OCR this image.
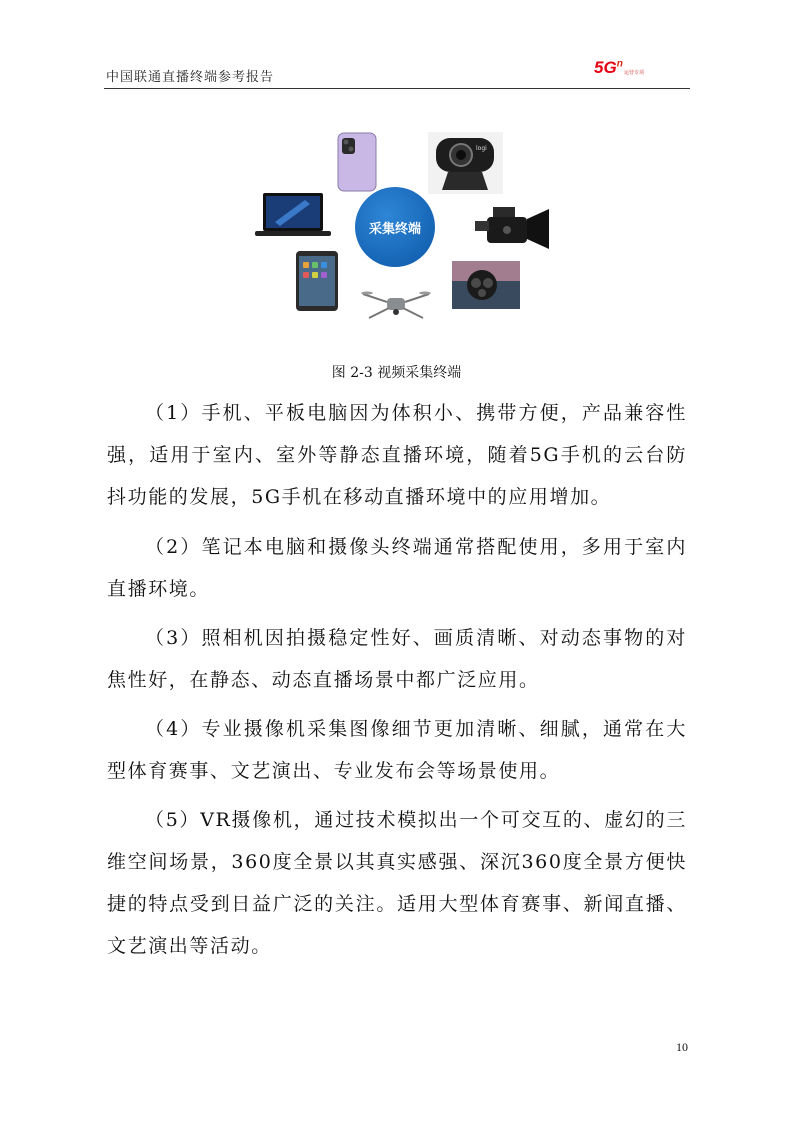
中国联通直播终端参考报告
$5G^n$
运营专项
logi
采集终端
图 2-3 视频采集终端
（1）手机、平板电脑因为体积小、携带方便，产品兼容性强，适用于室内、室外等静态直播环境，随着5G手机的云台防抖功能的发展，5G手机在移动直播环境中的应用增加。
（2）笔记本电脑和摄像头终端通常搭配使用，多用于室内直播环境。
（3）照相机因拍摄稳定性好、画质清晰、对动态事物的对焦性好，在静态、动态直播场景中都广泛应用。
（4）专业摄像机采集图像细节更加清晰、细腻，通常在大型体育赛事、文艺演出、专业发布会等场景使用。
（5）VR摄像机，通过技术模拟出一个可交互的、虚幻的三维空间场景，360度全景以其真实感强、深沉360度全景方便快捷的特点受到日益广泛的关注。适用大型体育赛事、新闻直播、文艺演出等活动。
10
